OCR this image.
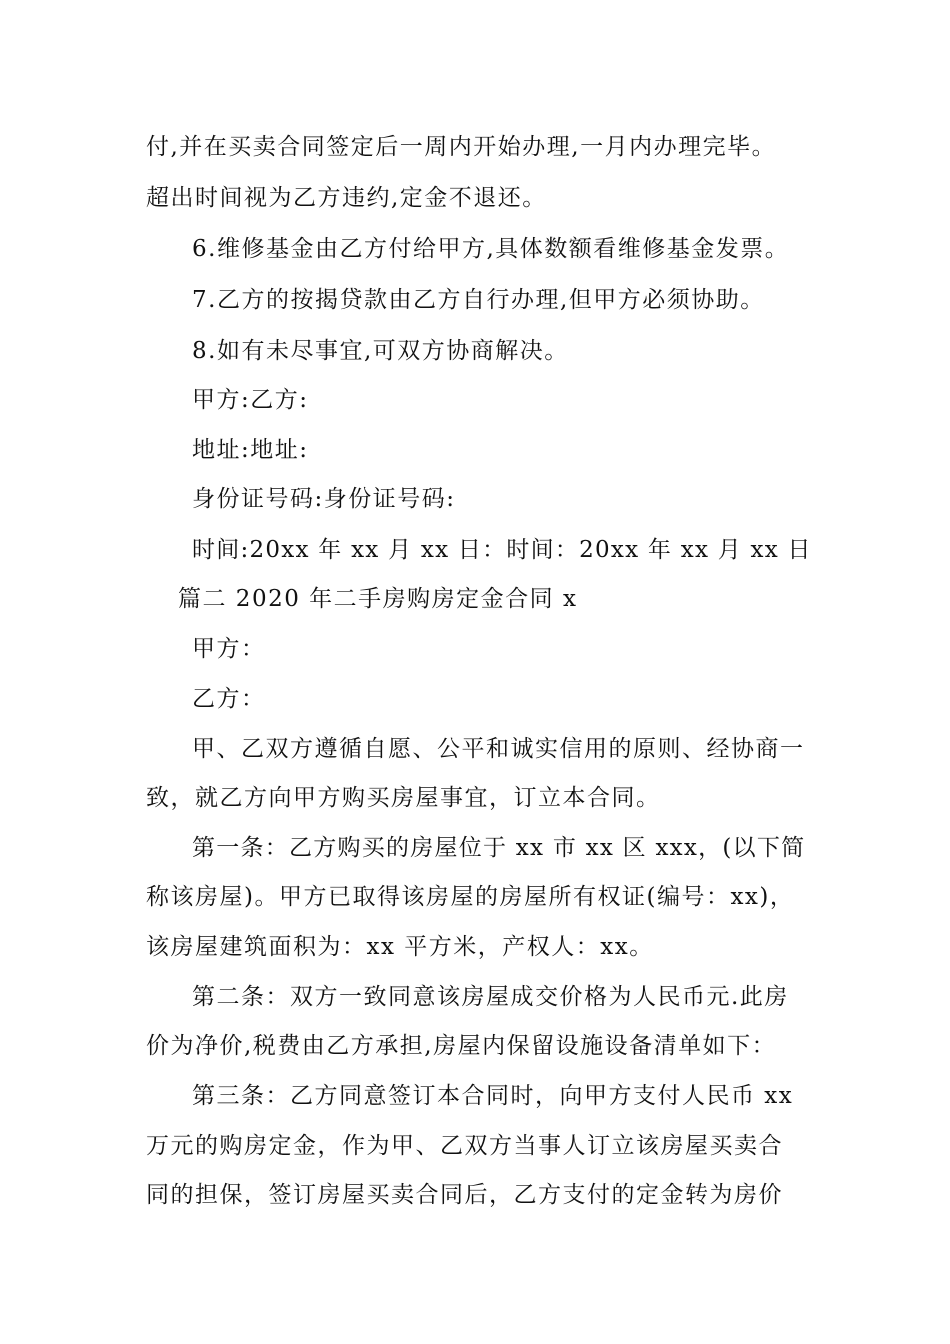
付,并在买卖合同签定后一周内开始办理,一月内办理完毕。
超出时间视为乙方违约,定金不退还。
6.维修基金由乙方付给甲方,具体数额看维修基金发票。
7.乙方的按揭贷款由乙方自行办理,但甲方必须协助。
8.如有未尽事宜,可双方协商解决。
甲方:乙方:
地址:地址:
身份证号码:身份证号码:
时间:20xx 年 xx 月 xx 日：时间：20xx 年 xx 月 xx 日
篇二 2020 年二手房购房定金合同 x
甲方：
乙方：
甲、乙双方遵循自愿、公平和诚实信用的原则、经协商一
致，就乙方向甲方购买房屋事宜，订立本合同。
第一条：乙方购买的房屋位于 xx 市 xx 区 xxx，(以下简
称该房屋)。甲方已取得该房屋的房屋所有权证(编号：xx)，
该房屋建筑面积为：xx 平方米，产权人：xx。
第二条：双方一致同意该房屋成交价格为人民币元.此房
价为净价,税费由乙方承担,房屋内保留设施设备清单如下：
第三条：乙方同意签订本合同时，向甲方支付人民币 xx
万元的购房定金，作为甲、乙双方当事人订立该房屋买卖合
同的担保，签订房屋买卖合同后，乙方支付的定金转为房价
